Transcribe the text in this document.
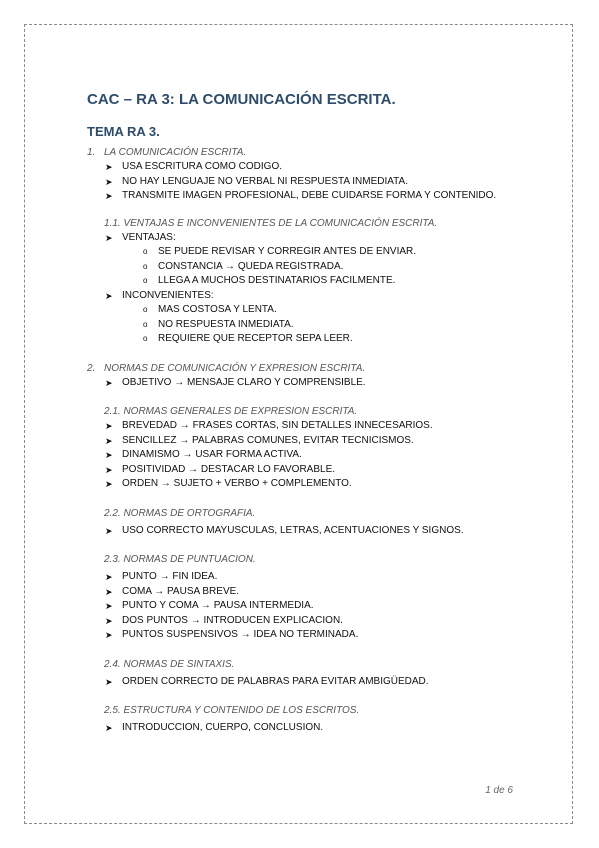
CAC – RA 3: LA COMUNICACIÓN ESCRITA.
TEMA RA 3.
1. LA COMUNICACIÓN ESCRITA.
➤ USA ESCRITURA COMO CODIGO.
➤ NO HAY LENGUAJE NO VERBAL NI RESPUESTA INMEDIATA.
➤ TRANSMITE IMAGEN PROFESIONAL, DEBE CUIDARSE FORMA Y CONTENIDO.
1.1. VENTAJAS E INCONVENIENTES DE LA COMUNICACIÓN ESCRITA.
➤ VENTAJAS:
o SE PUEDE REVISAR Y CORREGIR ANTES DE ENVIAR.
o CONSTANCIA → QUEDA REGISTRADA.
o LLEGA A MUCHOS DESTINATARIOS FACILMENTE.
➤ INCONVENIENTES:
o MAS COSTOSA Y LENTA.
o NO RESPUESTA INMEDIATA.
o REQUIERE QUE RECEPTOR SEPA LEER.
2. NORMAS DE COMUNICACIÓN Y EXPRESION ESCRITA.
➤ OBJETIVO → MENSAJE CLARO Y COMPRENSIBLE.
2.1. NORMAS GENERALES DE EXPRESION ESCRITA.
➤ BREVEDAD → FRASES CORTAS, SIN DETALLES INNECESARIOS.
➤ SENCILLEZ → PALABRAS COMUNES, EVITAR TECNICISMOS.
➤ DINAMISMO → USAR FORMA ACTIVA.
➤ POSITIVIDAD → DESTACAR LO FAVORABLE.
➤ ORDEN → SUJETO + VERBO + COMPLEMENTO.
2.2. NORMAS DE ORTOGRAFIA.
➤ USO CORRECTO MAYUSCULAS, LETRAS, ACENTUACIONES Y SIGNOS.
2.3. NORMAS DE PUNTUACION.
➤ PUNTO → FIN IDEA.
➤ COMA → PAUSA BREVE.
➤ PUNTO Y COMA → PAUSA INTERMEDIA.
➤ DOS PUNTOS → INTRODUCEN EXPLICACION.
➤ PUNTOS SUSPENSIVOS → IDEA NO TERMINADA.
2.4. NORMAS DE SINTAXIS.
➤ ORDEN CORRECTO DE PALABRAS PARA EVITAR AMBIGÜEDAD.
2.5. ESTRUCTURA Y CONTENIDO DE LOS ESCRITOS.
➤ INTRODUCCION, CUERPO, CONCLUSION.
1 de 6
